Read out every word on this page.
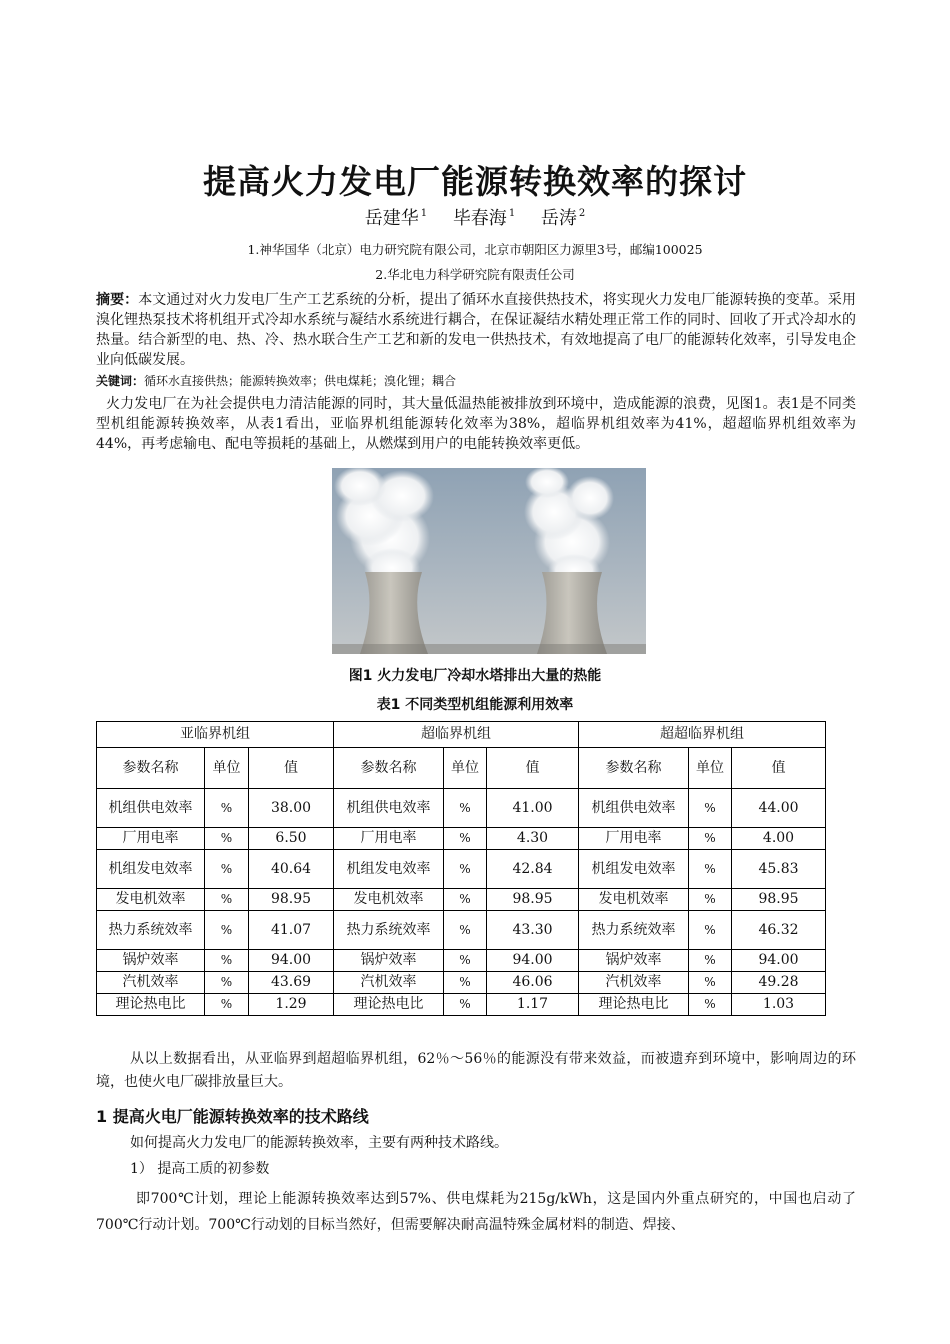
提高火力发电厂能源转换效率的探讨
岳建华 $^1$ 毕春海 $^1$ 岳涛 $^2$
1.神华国华（北京）电力研究院有限公司，北京市朝阳区力源里3号，邮编100025
2.华北电力科学研究院有限责任公司
摘要：本文通过对火力发电厂生产工艺系统的分析，提出了循环水直接供热技术，将实现火力发电厂能源转换的变革。采用溴化锂热泵技术将机组开式冷却水系统与凝结水系统进行耦合，在保证凝结水精处理正常工作的同时、回收了开式冷却水的热量。结合新型的电、热、冷、热水联合生产工艺和新的发电一供热技术，有效地提高了电厂的能源转化效率，引导发电企业向低碳发展。
关键词：循环水直接供热；能源转换效率；供电煤耗；溴化锂；耦合
火力发电厂在为社会提供电力清洁能源的同时，其大量低温热能被排放到环境中，造成能源的浪费，见图1。表1是不同类型机组能源转换效率，从表1看出，亚临界机组能源转化效率为38%，超临界机组效率为41%，超超临界机组效率为44%，再考虑输电、配电等损耗的基础上，从燃煤到用户的电能转换效率更低。
图1 火力发电厂冷却水塔排出大量的热能
表1 不同类型机组能源利用效率
亚临界机组			超临界机组			超超临界机组		
参数名称	单位	值	参数名称	单位	值	参数名称	单位	值
机组供电效率	%	38.00	机组供电效率	%	41.00	机组供电效率	%	44.00
厂用电率	%	6.50	厂用电率	%	4.30	厂用电率	%	4.00
机组发电效率	%	40.64	机组发电效率	%	42.84	机组发电效率	%	45.83
发电机效率	%	98.95	发电机效率	%	98.95	发电机效率	%	98.95
热力系统效率	%	41.07	热力系统效率	%	43.30	热力系统效率	%	46.32
锅炉效率	%	94.00	锅炉效率	%	94.00	锅炉效率	%	94.00
汽机效率	%	43.69	汽机效率	%	46.06	汽机效率	%	49.28
理论热电比	%	1.29	理论热电比	%	1.17	理论热电比	%	1.03
从以上数据看出，从亚临界到超超临界机组，62％～56％的能源没有带来效益，而被遗弃到环境中，影响周边的环境，也使火电厂碳排放量巨大。
1 提高火电厂能源转换效率的技术路线
如何提高火力发电厂的能源转换效率，主要有两种技术路线。
1） 提高工质的初参数
即700℃计划，理论上能源转换效率达到57%、供电煤耗为215g/kWh，这是国内外重点研究的，中国也启动了700℃行动计划。700℃行动划的目标当然好，但需要解决耐高温特殊金属材料的制造、焊接、
